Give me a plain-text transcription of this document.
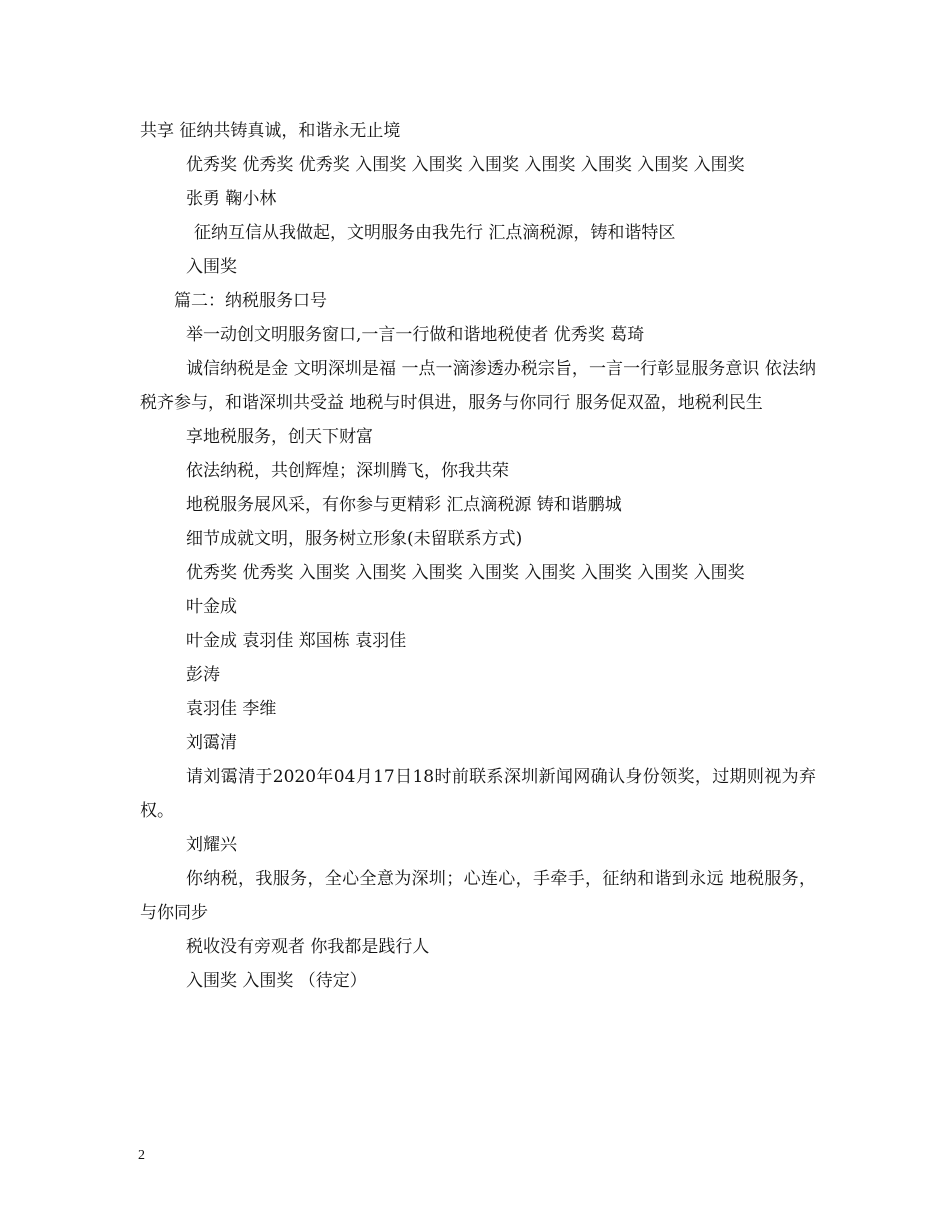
共享 征纳共铸真诚，和谐永无止境

优秀奖 优秀奖 优秀奖 入围奖 入围奖 入围奖 入围奖 入围奖 入围奖 入围奖

张勇 鞠小林

征纳互信从我做起，文明服务由我先行 汇点滴税源，铸和谐特区

入围奖

篇二：纳税服务口号

举一动创文明服务窗口,一言一行做和谐地税使者 优秀奖 葛琦

诚信纳税是金 文明深圳是福 一点一滴渗透办税宗旨，一言一行彰显服务意识 依法纳税齐参与，和谐深圳共受益 地税与时俱进，服务与你同行 服务促双盈，地税利民生

享地税服务，创天下财富

依法纳税，共创辉煌；深圳腾飞，你我共荣

地税服务展风采，有你参与更精彩 汇点滴税源 铸和谐鹏城

细节成就文明，服务树立形象(未留联系方式)

优秀奖 优秀奖 入围奖 入围奖 入围奖 入围奖 入围奖 入围奖 入围奖 入围奖

叶金成

叶金成 袁羽佳 郑国栋 袁羽佳

彭涛

袁羽佳 李维

刘霭清

请刘霭清于2020年04月17日18时前联系深圳新闻网确认身份领奖，过期则视为弃权。

刘耀兴

你纳税，我服务，全心全意为深圳；心连心，手牵手，征纳和谐到永远 地税服务，与你同步

税收没有旁观者 你我都是践行人

入围奖 入围奖 （待定）

2
